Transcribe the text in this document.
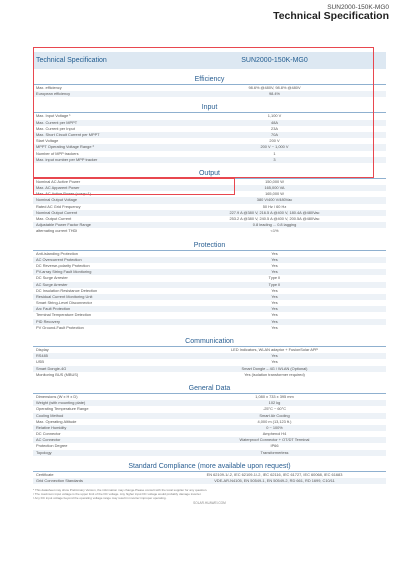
SUN2000-150K-MG0
Technical Specification
Technical Specification	SUN2000-150K-MG0
Efficiency
Max. efficiency	98.6% @480V, 98.8% @480V
European efficiency	98.4%
Input
Max. Input Voltage ¹	1,100 V
Max. Current per MPPT	48A
Max. Current per Input	23A
Max. Short Circuit Current per MPPT	70A
Start Voltage	200 V
MPPT Operating Voltage Range ²	200 V ~ 1,000 V
Number of MPP trackers	1
Max. input number per MPP tracker	3
Output
Nominal AC Active Power	150,000 W
Max. AC Apparent Power	165,000 VA
Max. AC Active Power (cosφ=1)	165,000 W
Nominal Output Voltage	380 V/400 V/480Vac
Rated AC Grid Frequency	50 Hz / 60 Hz
Nominal Output Current	227.9 A @380 V, 216.5 A @400 V, 180.4A @480Vac
Max. Output Current	253.2 A @380 V, 240.5 A @400 V, 200.5A @480Vac
Adjustable Power Factor Range	0.8 leading ... 0.8 lagging
alternating current THDi	<1%
Protection
Anti-islanding Protection	Yes
AC Overcurrent Protection	Yes
DC Reverse-polarity Protection	Yes
PV-array String Fault Monitoring	Yes
DC Surge Arrester	Type II
AC Surge Arrester	Type II
DC Insulation Resistance Detection	Yes
Residual Current Monitoring Unit	Yes
Smart String-Level Disconnector	Yes
Arc Fault Protection	Yes
Terminal Temperature Detection	Yes
PID Recovery	Yes
PV Ground-Fault Protection	Yes
Communication
Display	LED Indicators, WLAN adaptor + FusionSolar APP
RS485	Yes
USB	Yes
Smart Dongle-4G	Smart Dongle – 4G / WLAN (Optional)
Monitoring BUS (MBUS)	Yes (isolation transformer required)
General Data
Dimensions (W x H x D)	1,080 x 733 x 395 mm
Weight (with mounting plate)	102 kg
Operating Temperature Range	-25°C ~ 60°C
Cooling Method	Smart Air Cooling
Max. Operating Altitude	4,000 m (13,123 ft.)
Relative Humidity	0 ~ 100%
DC Connector	Amphenol H4
AC Connector	Waterproof Connector + OT/DT Terminal
Protection Degree	IP66
Topology	Transformerless
Standard Compliance (more available upon request)
Certificate	EN 62109-1/-2, IEC 62109-1/-2, IEC 62116, IEC 61727, IEC 60068, IEC 61683
Grid Connection Standards	VDE-AR-N4105, EN 50549-1, EN 50549-2, RD 661, RD 1699, C10/11
* This datasheet may show Preliminary Version, the information may change.Please consult with the local supplier for any question.
¹ The maximum input voltage is the upper limit of the DC voltage. Any higher input DC voltage would probably damage inverter.
² Any DC input voltage beyond the operating voltage range may result in inverter improper operating.
SOLAR.HUAWEI.COM
